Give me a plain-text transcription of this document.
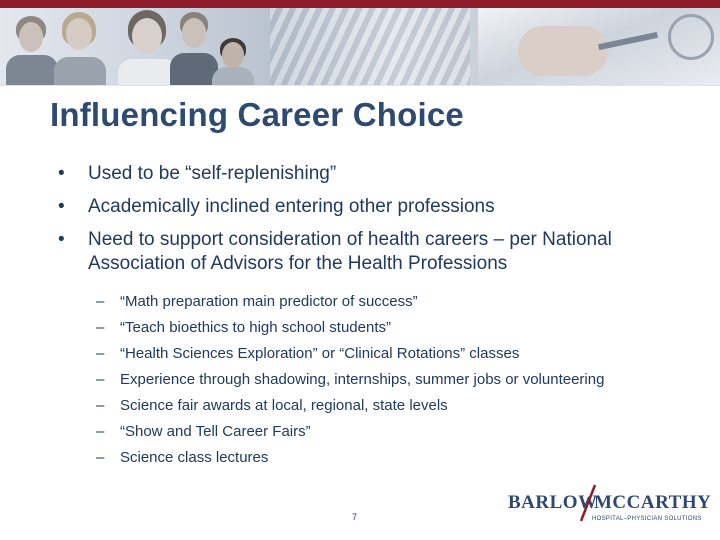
Influencing Career Choice
• Used to be “self-replenishing”
• Academically inclined entering other professions
• Need to support consideration of health careers – per National Association of Advisors for the Health Professions
– “Math preparation main predictor of success”
– “Teach bioethics to high school students”
– “Health Sciences Exploration” or “Clinical Rotations” classes
– Experience through shadowing, internships, summer jobs or volunteering
– Science fair awards at local, regional, state levels
– “Show and Tell Career Fairs”
– Science class lectures
7
BARLOW
MCCARTHY
HOSPITAL–PHYSICIAN SOLUTIONS
